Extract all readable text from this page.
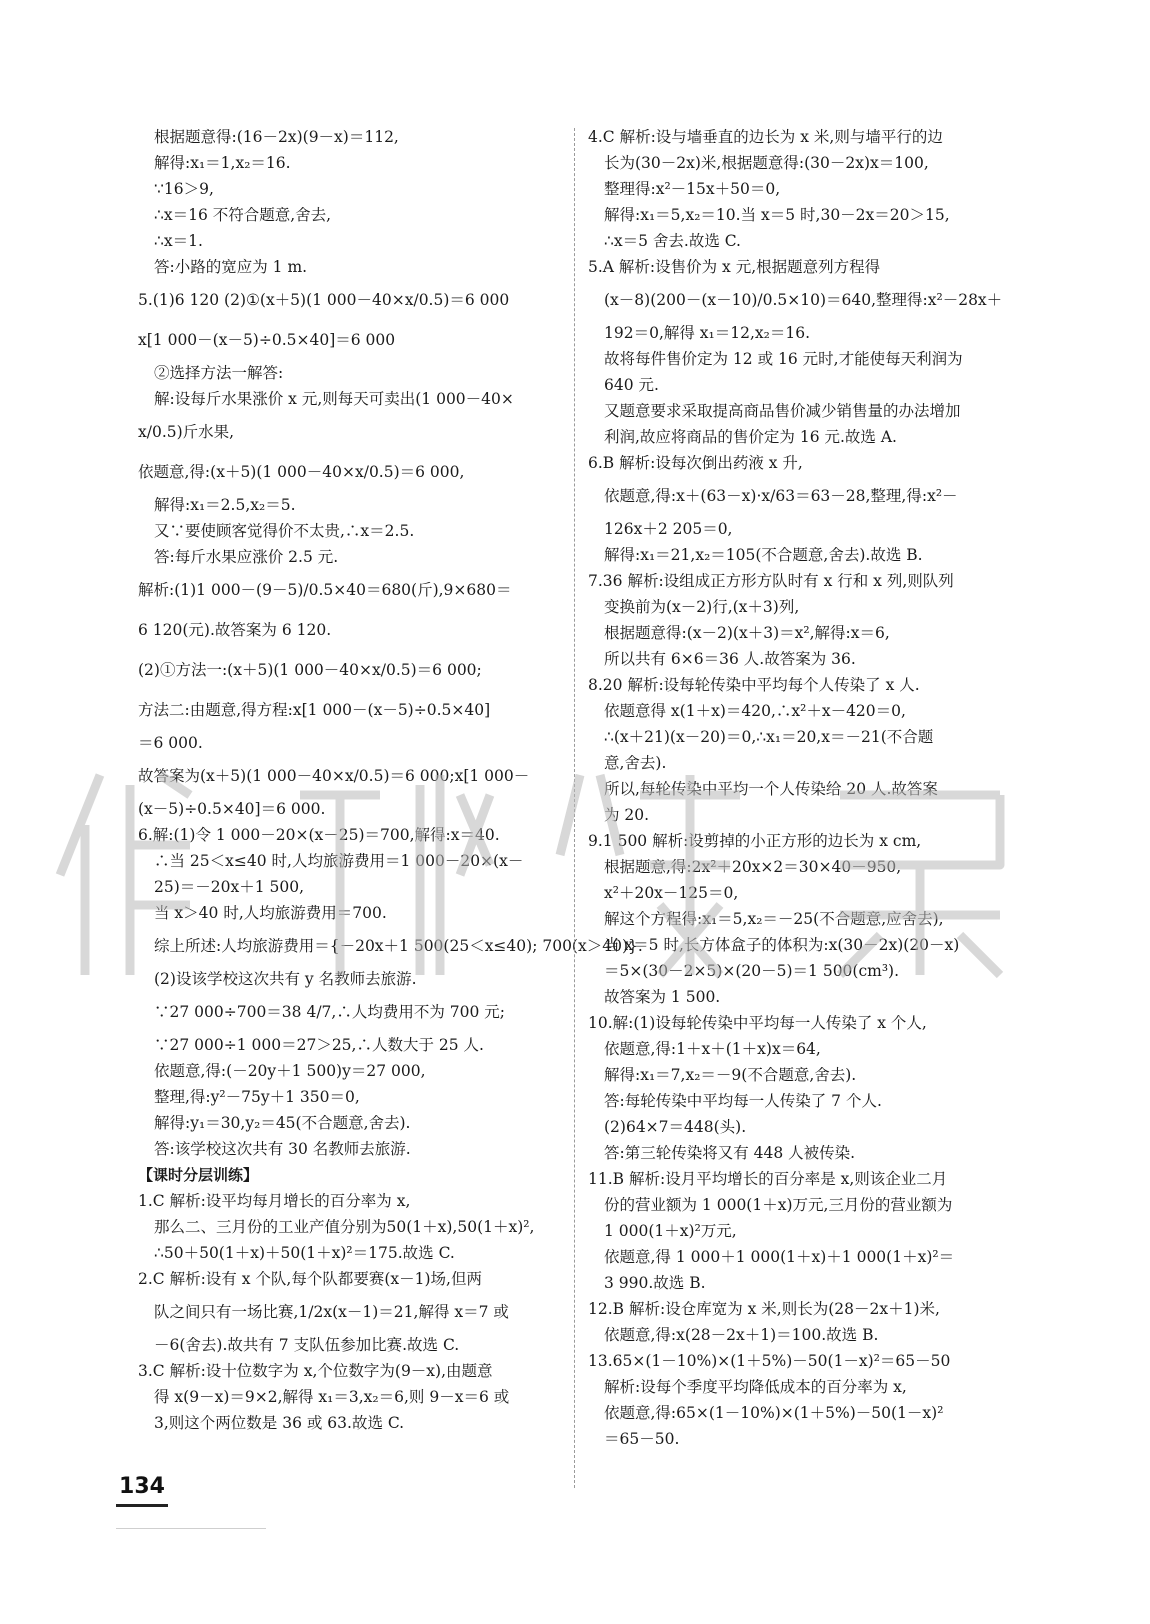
根据题意得:(16－2x)(9－x)＝112,
解得:x₁＝1,x₂＝16.
∵16＞9,
∴x＝16 不符合题意,舍去,
∴x＝1.
答:小路的宽应为 1 m.
5.(1)6 120 (2)①(x＋5)(1 000－40×x/0.5)＝6 000
x[1 000－(x－5)÷0.5×40]＝6 000
②选择方法一解答:
解:设每斤水果涨价 x 元,则每天可卖出(1 000－40×
x/0.5)斤水果,
依题意,得:(x＋5)(1 000－40×x/0.5)＝6 000,
解得:x₁＝2.5,x₂＝5.
又∵要使顾客觉得价不太贵,∴x＝2.5.
答:每斤水果应涨价 2.5 元.
解析:(1)1 000－(9－5)/0.5×40＝680(斤),9×680＝
6 120(元).故答案为 6 120.
(2)①方法一:(x＋5)(1 000－40×x/0.5)＝6 000;
方法二:由题意,得方程:x[1 000－(x－5)÷0.5×40]
＝6 000.
故答案为(x＋5)(1 000－40×x/0.5)＝6 000;x[1 000－
(x－5)÷0.5×40]＝6 000.
6.解:(1)令 1 000－20×(x－25)＝700,解得:x＝40.
∴当 25＜x≤40 时,人均旅游费用＝1 000－20×(x－
25)＝－20x＋1 500,
当 x＞40 时,人均旅游费用＝700.
综上所述:人均旅游费用＝{－20x＋1 500(25＜x≤40); 700(x＞40)}.
(2)设该学校这次共有 y 名教师去旅游.
∵27 000÷700＝38 4/7,∴人均费用不为 700 元;
∵27 000÷1 000＝27＞25,∴人数大于 25 人.
依题意,得:(－20y＋1 500)y＝27 000,
整理,得:y²－75y＋1 350＝0,
解得:y₁＝30,y₂＝45(不合题意,舍去).
答:该学校这次共有 30 名教师去旅游.
【课时分层训练】
1.C 解析:设平均每月增长的百分率为 x,
那么二、三月份的工业产值分别为50(1＋x),50(1＋x)²,
∴50＋50(1＋x)＋50(1＋x)²＝175.故选 C.
2.C 解析:设有 x 个队,每个队都要赛(x－1)场,但两
队之间只有一场比赛,1/2x(x－1)＝21,解得 x＝7 或
－6(舍去).故共有 7 支队伍参加比赛.故选 C.
3.C 解析:设十位数字为 x,个位数字为(9－x),由题意
得 x(9－x)＝9×2,解得 x₁＝3,x₂＝6,则 9－x＝6 或
3,则这个两位数是 36 或 63.故选 C.
4.C 解析:设与墙垂直的边长为 x 米,则与墙平行的边
长为(30－2x)米,根据题意得:(30－2x)x＝100,
整理得:x²－15x＋50＝0,
解得:x₁＝5,x₂＝10.当 x＝5 时,30－2x＝20＞15,
∴x＝5 舍去.故选 C.
5.A 解析:设售价为 x 元,根据题意列方程得
(x－8)(200－(x－10)/0.5×10)＝640,整理得:x²－28x＋
192＝0,解得 x₁＝12,x₂＝16.
故将每件售价定为 12 或 16 元时,才能使每天利润为
640 元.
又题意要求采取提高商品售价减少销售量的办法增加
利润,故应将商品的售价定为 16 元.故选 A.
6.B 解析:设每次倒出药液 x 升,
依题意,得:x＋(63－x)·x/63＝63－28,整理,得:x²－
126x＋2 205＝0,
解得:x₁＝21,x₂＝105(不合题意,舍去).故选 B.
7.36 解析:设组成正方形方队时有 x 行和 x 列,则队列
变换前为(x－2)行,(x＋3)列,
根据题意得:(x－2)(x＋3)＝x²,解得:x＝6,
所以共有 6×6＝36 人.故答案为 36.
8.20 解析:设每轮传染中平均每个人传染了 x 人.
依题意得 x(1＋x)＝420,∴x²＋x－420＝0,
∴(x＋21)(x－20)＝0,∴x₁＝20,x＝－21(不合题
意,舍去).
所以,每轮传染中平均一个人传染给 20 人.故答案
为 20.
9.1 500 解析:设剪掉的小正方形的边长为 x cm,
根据题意,得:2x²＋20x×2＝30×40－950,
x²＋20x－125＝0,
解这个方程得:x₁＝5,x₂＝－25(不合题意,应舍去),
当 x＝5 时,长方体盒子的体积为:x(30－2x)(20－x)
＝5×(30－2×5)×(20－5)＝1 500(cm³).
故答案为 1 500.
10.解:(1)设每轮传染中平均每一人传染了 x 个人,
依题意,得:1＋x＋(1＋x)x＝64,
解得:x₁＝7,x₂＝－9(不合题意,舍去).
答:每轮传染中平均每一人传染了 7 个人.
(2)64×7＝448(头).
答:第三轮传染将又有 448 人被传染.
11.B 解析:设月平均增长的百分率是 x,则该企业二月
份的营业额为 1 000(1＋x)万元,三月份的营业额为
1 000(1＋x)²万元,
依题意,得 1 000＋1 000(1＋x)＋1 000(1＋x)²＝
3 990.故选 B.
12.B 解析:设仓库宽为 x 米,则长为(28－2x＋1)米,
依题意,得:x(28－2x＋1)＝100.故选 B.
13.65×(1－10%)×(1＋5%)－50(1－x)²＝65－50
解析:设每个季度平均降低成本的百分率为 x,
依题意,得:65×(1－10%)×(1＋5%)－50(1－x)²
＝65－50.
134
